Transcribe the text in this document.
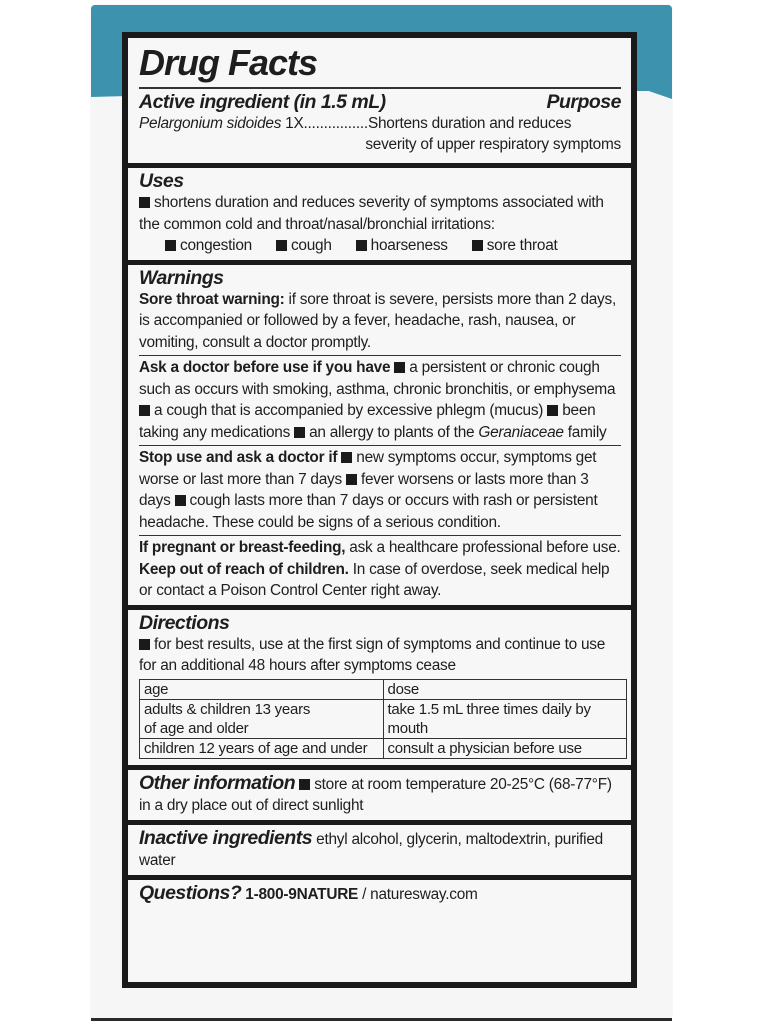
Drug Facts
Active ingredient (in 1.5 mL)	Purpose
Pelargonium sidoides 1X................Shortens duration and reduces
severity of upper respiratory symptoms
Uses
shortens duration and reduces severity of symptoms associated with the common cold and throat/nasal/bronchial irritations:
congestion	cough	hoarseness	sore throat
Warnings
Sore throat warning: if sore throat is severe, persists more than 2 days, is accompanied or followed by a fever, headache, rash, nausea, or vomiting, consult a doctor promptly.
Ask a doctor before use if you have a persistent or chronic cough such as occurs with smoking, asthma, chronic bronchitis, or emphysema a cough that is accompanied by excessive phlegm (mucus) been taking any medications an allergy to plants of the Geraniaceae family
Stop use and ask a doctor if new symptoms occur, symptoms get worse or last more than 7 days fever worsens or lasts more than 3 days cough lasts more than 7 days or occurs with rash or persistent headache. These could be signs of a serious condition.
If pregnant or breast-feeding, ask a healthcare professional before use. Keep out of reach of children. In case of overdose, seek medical help or contact a Poison Control Center right away.
Directions
for best results, use at the first sign of symptoms and continue to use for an additional 48 hours after symptoms cease
age	dose
adults & children 13 years of age and older	take 1.5 mL three times daily by mouth
children 12 years of age and under	consult a physician before use
Other information store at room temperature 20-25°C (68-77°F) in a dry place out of direct sunlight
Inactive ingredients ethyl alcohol, glycerin, maltodextrin, purified water
Questions? 1-800-9NATURE / naturesway.com
